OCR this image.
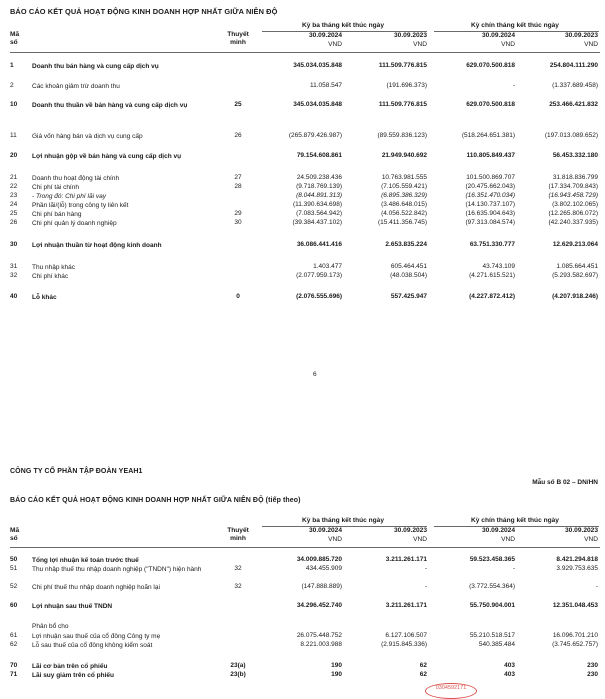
BÁO CÁO KẾT QUẢ HOẠT ĐỘNG KINH DOANH HỢP NHẤT GIỮA NIÊN ĐỘ
Mã
số
Thuyết
minh
Kỳ ba tháng kết thúc ngày	Kỳ chín tháng kết thúc ngày
30.09.2024	30.09.2023	30.09.2024	30.09.2023
VND	VND	VND	VND
1	Doanh thu bán hàng và cung cấp dịch vụ	345.034.035.848	111.509.776.815	629.070.500.818	254.804.111.290
2	Các khoản giảm trừ doanh thu	11.058.547	(191.696.373)	-	(1.337.689.458)
10	Doanh thu thuần về bán hàng và cung cấp dịch vụ	25	345.034.035.848	111.509.776.815	629.070.500.818	253.466.421.832
11	Giá vốn hàng bán và dịch vụ cung cấp	26	(265.879.426.987)	(89.559.836.123)	(518.264.651.381)	(197.013.089.652)
20	Lợi nhuận gộp về bán hàng và cung cấp dịch vụ	79.154.608.861	21.949.940.692	110.805.849.437	56.453.332.180
21	Doanh thu hoạt động tài chính	27	24.509.238.436	10.763.981.555	101.500.869.707	31.818.836.799
22	Chi phí tài chính	28	(9.718.769.139)	(7.105.559.421)	(20.475.662.043)	(17.334.709.843)
23	- Trong đó: Chi phí lãi vay	(8.044.891.313)	(6.895.386.329)	(16.351.470.034)	(16.943.458.729)
24	Phần lãi/(lỗ) trong công ty liên kết	(11.390.634.698)	(3.486.648.015)	(14.130.737.107)	(3.802.102.065)
25	Chi phí bán hàng	29	(7.083.564.942)	(4.056.522.842)	(16.635.904.643)	(12.265.806.072)
26	Chi phí quản lý doanh nghiệp	30	(39.384.437.102)	(15.411.356.745)	(97.313.084.574)	(42.240.337.935)
30	Lợi nhuận thuần từ hoạt động kinh doanh	36.086.441.416	2.653.835.224	63.751.330.777	12.629.213.064
31	Thu nhập khác	1.403.477	605.464.451	43.743.109	1.085.664.451
32	Chi phí khác	(2.077.959.173)	(48.038.504)	(4.271.615.521)	(5.293.582.697)
40	Lỗ khác	0	(2.076.555.696)	557.425.947	(4.227.872.412)	(4.207.918.246)
6
CÔNG TY CỔ PHẦN TẬP ĐOÀN YEAH1
Mẫu số B 02 – DN/HN
BÁO CÁO KẾT QUẢ HOẠT ĐỘNG KINH DOANH HỢP NHẤT GIỮA NIÊN ĐỘ (tiếp theo)
Mã
số
Thuyết
minh
Kỳ ba tháng kết thúc ngày	Kỳ chín tháng kết thúc ngày
30.09.2024	30.09.2023	30.09.2024	30.09.2023
VND	VND	VND	VND
50	Tổng lợi nhuận kế toán trước thuế	34.009.885.720	3.211.261.171	59.523.458.365	8.421.294.818
51	Thu nhập thuế thu nhập doanh nghiệp ("TNDN") hiện hành	32	434.455.909	-	-	3.929.753.635
52	Chi phí thuế thu nhập doanh nghiệp hoãn lại	32	(147.888.889)	-	(3.772.554.364)	-
60	Lợi nhuận sau thuế TNDN	34.296.452.740	3.211.261.171	55.750.904.001	12.351.048.453
Phân bổ cho
61	Lợi nhuận sau thuế của cổ đông Công ty mẹ	26.075.448.752	6.127.106.507	55.210.518.517	16.096.701.210
62	Lỗ sau thuế của cổ đông không kiểm soát	8.221.003.988	(2.915.845.336)	540.385.484	(3.745.652.757)
70	Lãi cơ bản trên cổ phiếu	23(a)	190	62	403	230
71	Lãi suy giảm trên cổ phiếu	23(b)	190	62	403	230
0304592171
